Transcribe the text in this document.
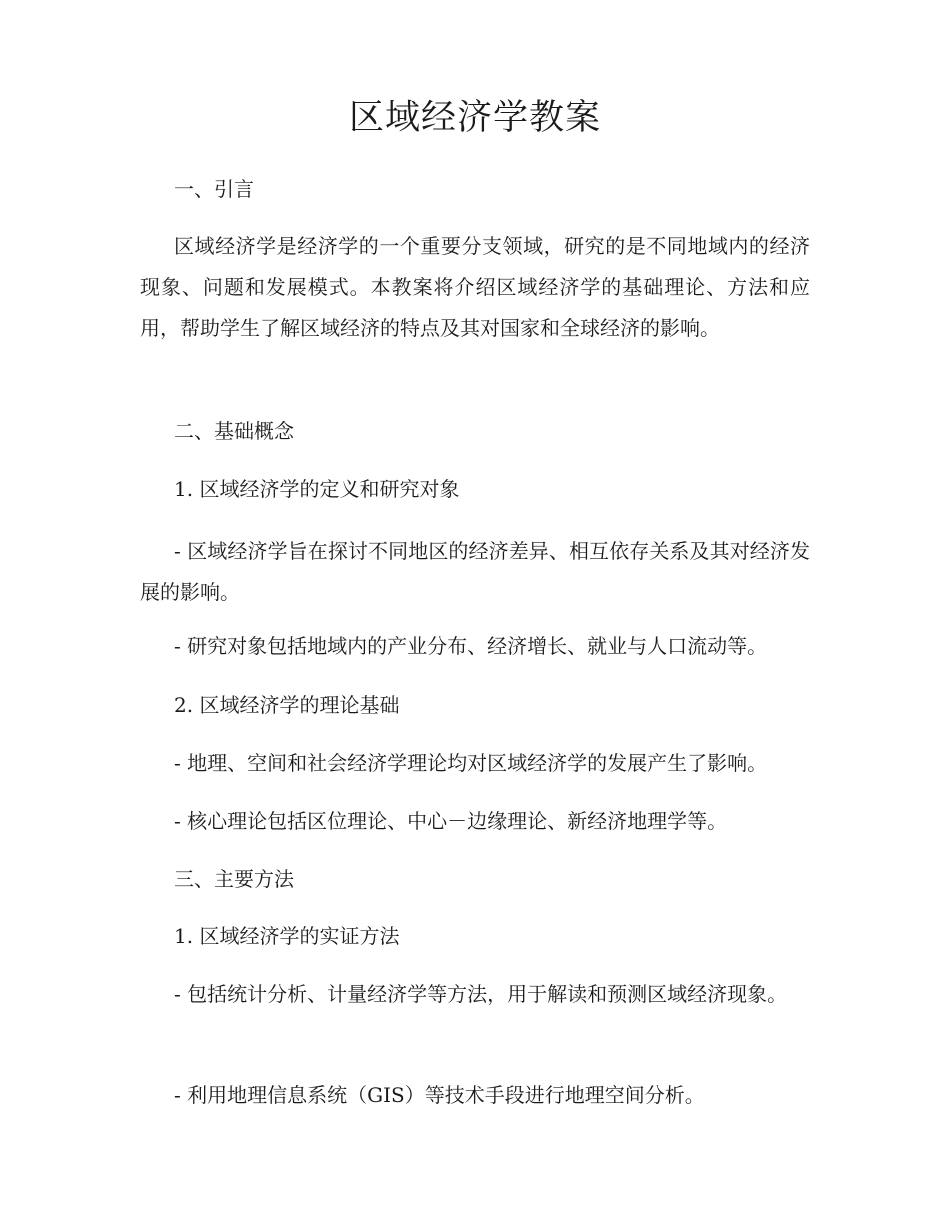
区域经济学教案

一、引言

区域经济学是经济学的一个重要分支领域，研究的是不同地域内的经济现象、问题和发展模式。本教案将介绍区域经济学的基础理论、方法和应用，帮助学生了解区域经济的特点及其对国家和全球经济的影响。

二、基础概念

1. 区域经济学的定义和研究对象

- 区域经济学旨在探讨不同地区的经济差异、相互依存关系及其对经济发展的影响。

- 研究对象包括地域内的产业分布、经济增长、就业与人口流动等。

2. 区域经济学的理论基础

- 地理、空间和社会经济学理论均对区域经济学的发展产生了影响。

- 核心理论包括区位理论、中心－边缘理论、新经济地理学等。

三、主要方法

1. 区域经济学的实证方法

- 包括统计分析、计量经济学等方法，用于解读和预测区域经济现象。

- 利用地理信息系统（GIS）等技术手段进行地理空间分析。
